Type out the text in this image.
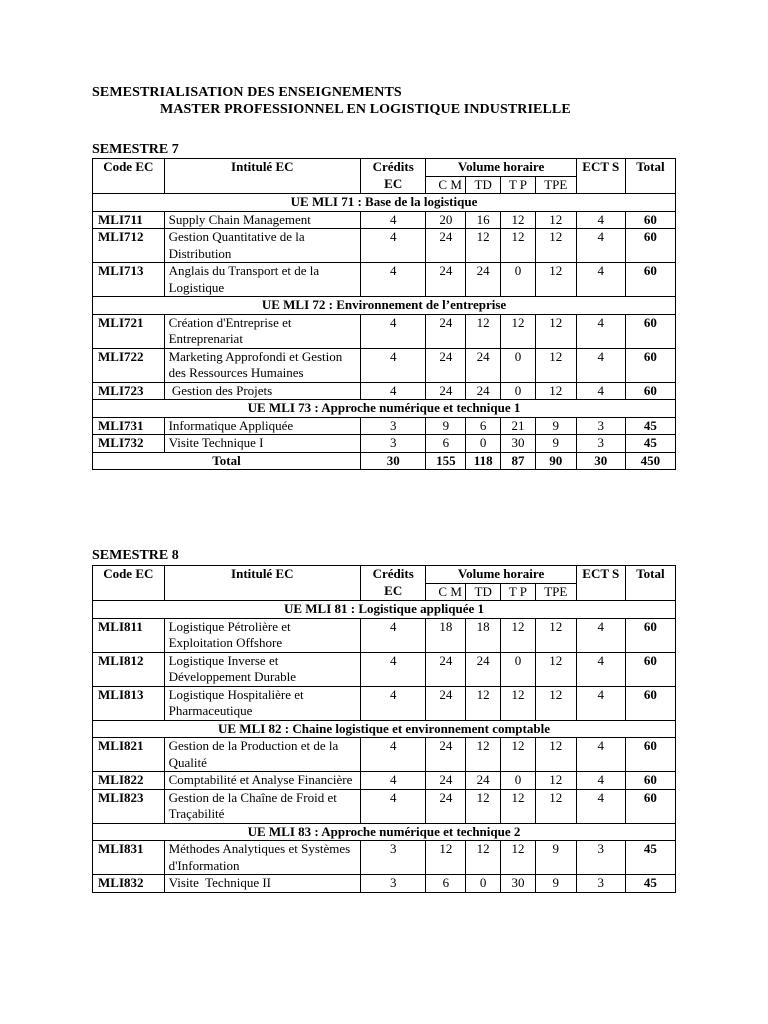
SEMESTRIALISATION DES ENSEIGNEMENTS
MASTER PROFESSIONNEL EN LOGISTIQUE INDUSTRIELLE
SEMESTRE 7
Code EC	Intitulé EC	Crédits EC	Volume horaire				ECT S	Total
			C M	TD	T P	TPE		
UE MLI 71 : Base de la logistique								
MLI711	Supply Chain Management	4	20	16	12	12	4	60
MLI712	Gestion Quantitative de la Distribution	4	24	12	12	12	4	60
MLI713	Anglais du Transport et de la Logistique	4	24	24	0	12	4	60
UE MLI 72 : Environnement de l’entreprise								
MLI721	Création d'Entreprise et Entreprenariat	4	24	12	12	12	4	60
MLI722	Marketing Approfondi et Gestion des Ressources Humaines	4	24	24	0	12	4	60
MLI723	Gestion des Projets	4	24	24	0	12	4	60
UE MLI 73 : Approche numérique et technique 1								
MLI731	Informatique Appliquée	3	9	6	21	9	3	45
MLI732	Visite Technique I	3	6	0	30	9	3	45
Total		30	155	118	87	90	30	450
SEMESTRE 8
Code EC	Intitulé EC	Crédits EC	Volume horaire				ECT S	Total
			C M	TD	T P	TPE		
UE MLI 81 : Logistique appliquée 1								
MLI811	Logistique Pétrolière et Exploitation Offshore	4	18	18	12	12	4	60
MLI812	Logistique Inverse et Développement Durable	4	24	24	0	12	4	60
MLI813	Logistique Hospitalière et Pharmaceutique	4	24	12	12	12	4	60
UE MLI 82 : Chaine logistique et environnement comptable								
MLI821	Gestion de la Production et de la Qualité	4	24	12	12	12	4	60
MLI822	Comptabilité et Analyse Financière	4	24	24	0	12	4	60
MLI823	Gestion de la Chaîne de Froid et Traçabilité	4	24	12	12	12	4	60
UE MLI 83 : Approche numérique et technique 2								
MLI831	Méthodes Analytiques et Systèmes d'Information	3	12	12	12	9	3	45
MLI832	Visite  Technique II	3	6	0	30	9	3	45
